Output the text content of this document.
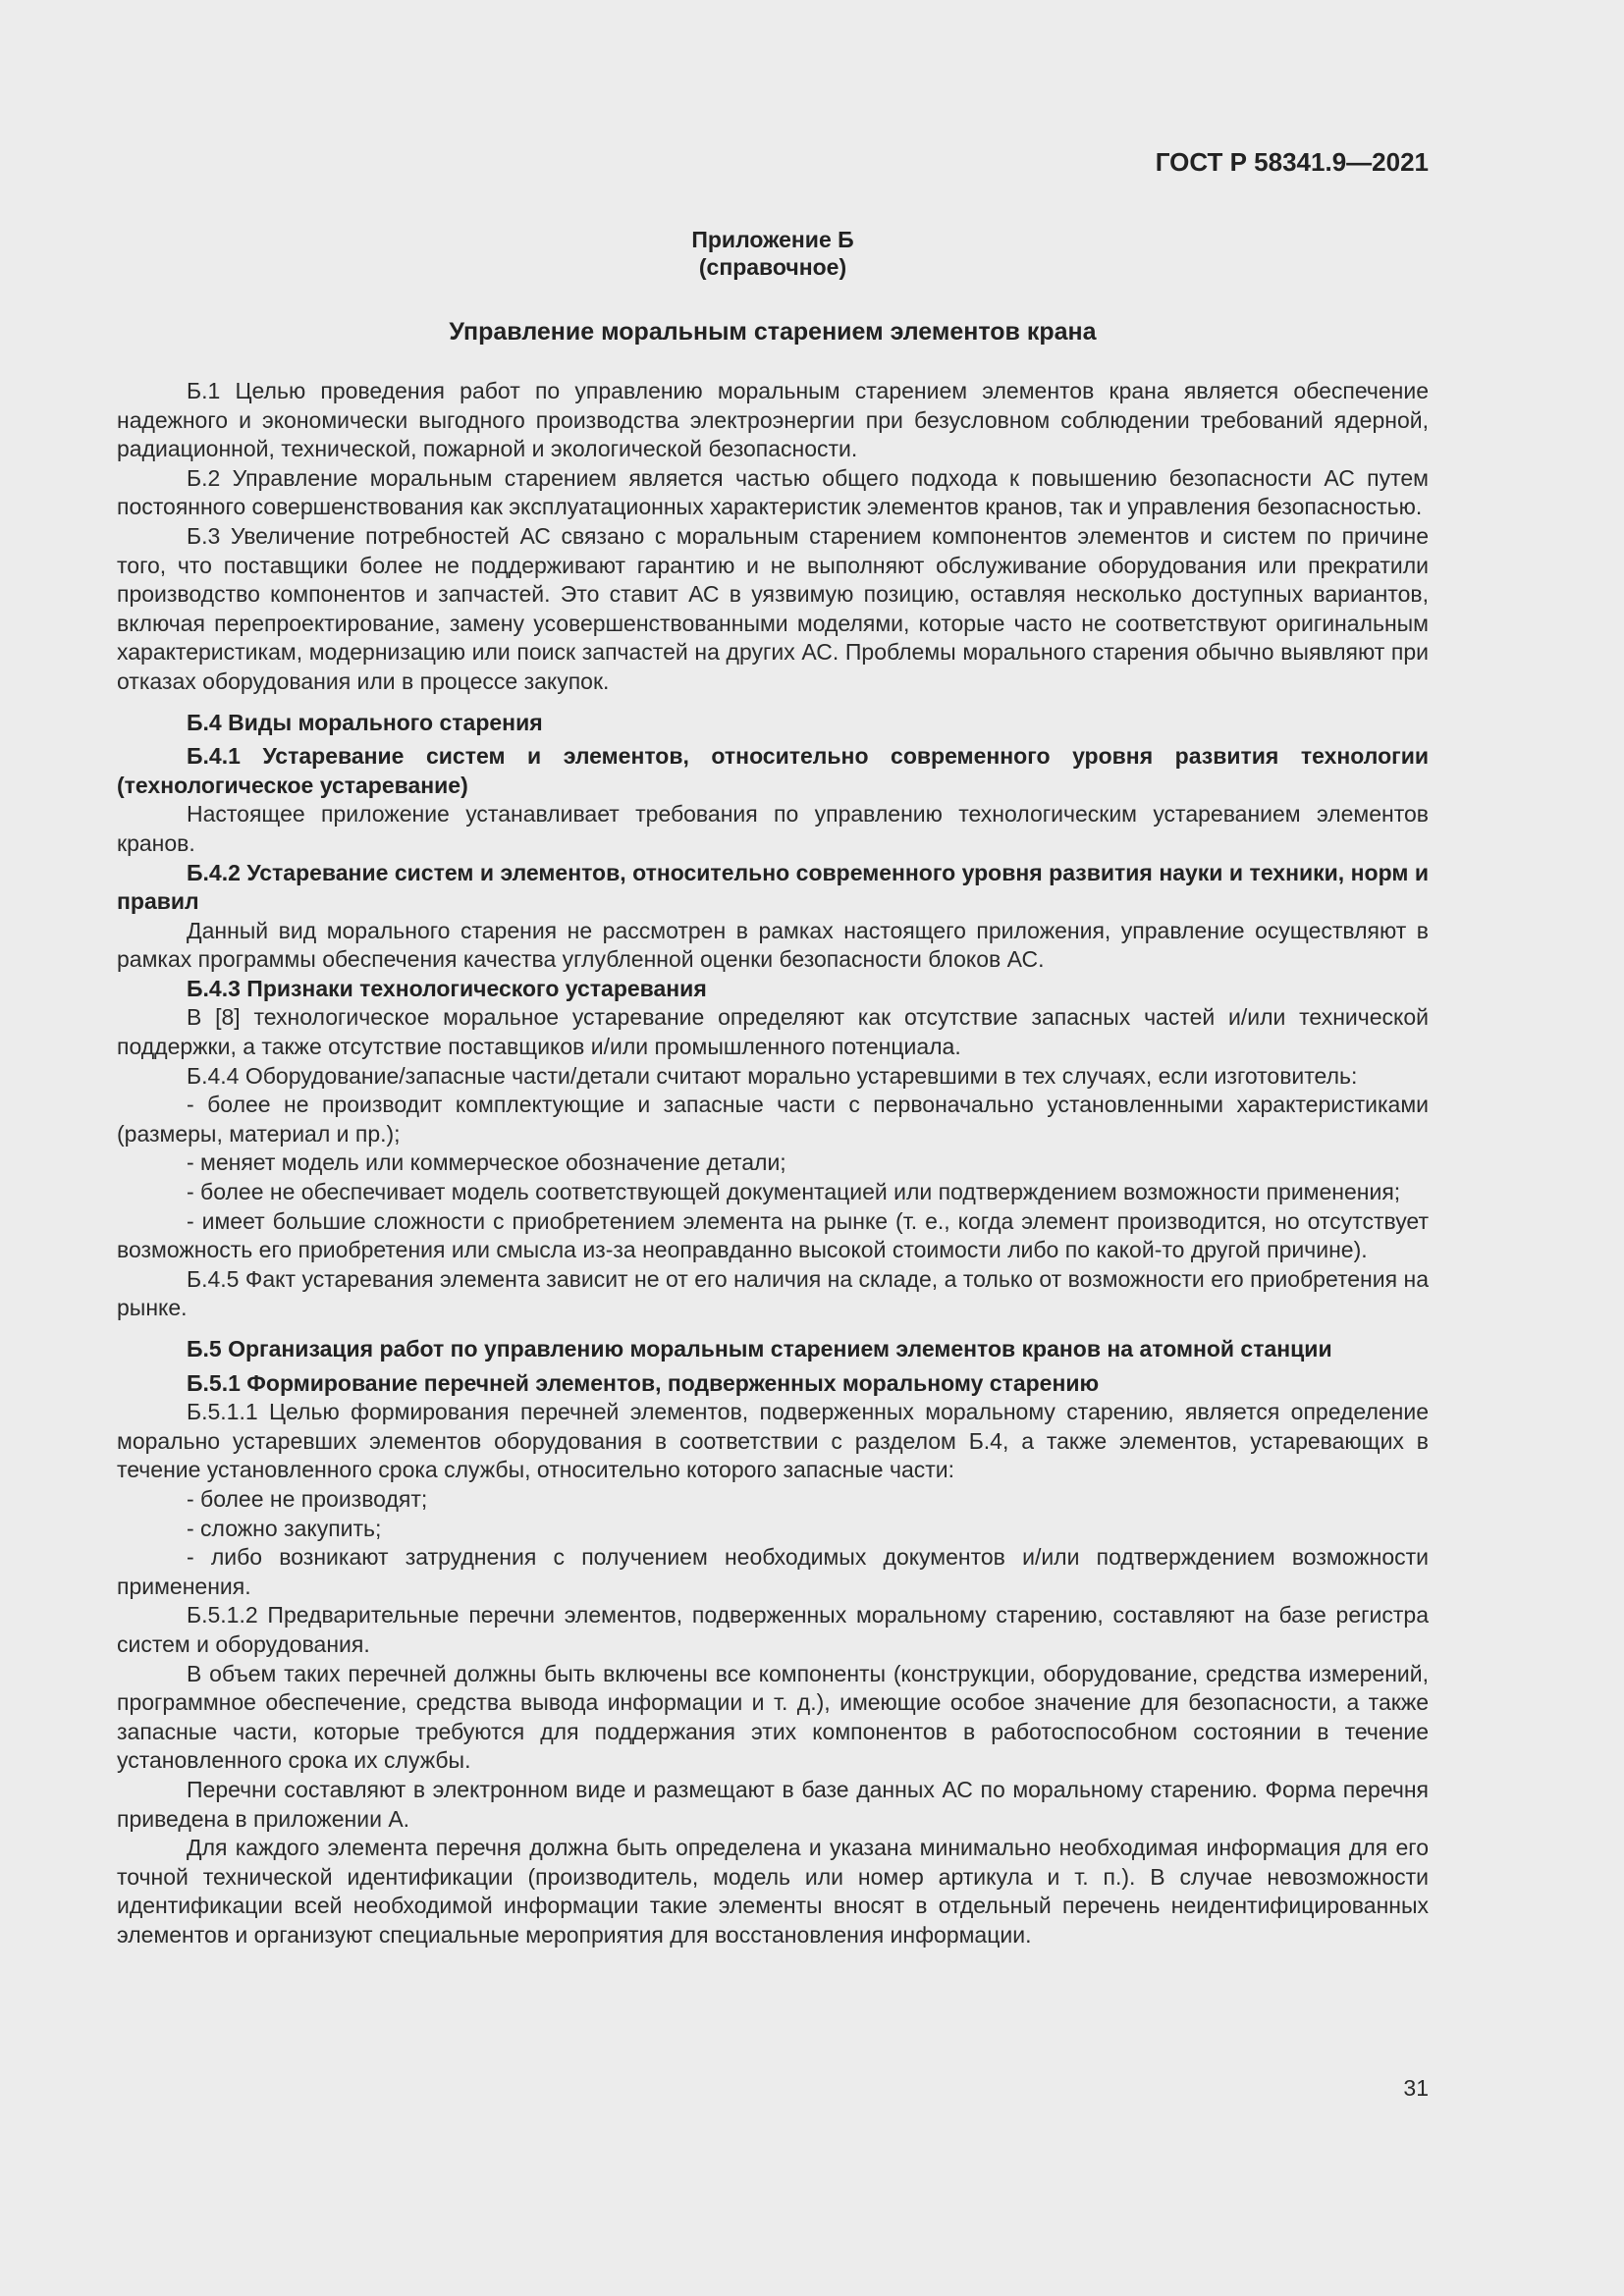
ГОСТ Р 58341.9—2021
Приложение Б
(справочное)
Управление моральным старением элементов крана

Б.1 Целью проведения работ по управлению моральным старением элементов крана является обеспечение надежного и экономически выгодного производства электроэнергии при безусловном соблюдении требований ядерной, радиационной, технической, пожарной и экологической безопасности.

Б.2 Управление моральным старением является частью общего подхода к повышению безопасности АС путем постоянного совершенствования как эксплуатационных характеристик элементов кранов, так и управления безопасностью.

Б.3 Увеличение потребностей АС связано с моральным старением компонентов элементов и систем по причине того, что поставщики более не поддерживают гарантию и не выполняют обслуживание оборудования или прекратили производство компонентов и запчастей. Это ставит АС в уязвимую позицию, оставляя несколько доступных вариантов, включая перепроектирование, замену усовершенствованными моделями, которые часто не соответствуют оригинальным характеристикам, модернизацию или поиск запчастей на других АС. Проблемы морального старения обычно выявляют при отказах оборудования или в процессе закупок.

Б.4 Виды морального старения

Б.4.1 Устаревание систем и элементов, относительно современного уровня развития технологии (технологическое устаревание)

Настоящее приложение устанавливает требования по управлению технологическим устареванием элементов кранов.

Б.4.2 Устаревание систем и элементов, относительно современного уровня развития науки и техники, норм и правил

Данный вид морального старения не рассмотрен в рамках настоящего приложения, управление осуществляют в рамках программы обеспечения качества углубленной оценки безопасности блоков АС.

Б.4.3 Признаки технологического устаревания

В [8] технологическое моральное устаревание определяют как отсутствие запасных частей и/или технической поддержки, а также отсутствие поставщиков и/или промышленного потенциала.

Б.4.4 Оборудование/запасные части/детали считают морально устаревшими в тех случаях, если изготовитель:

- более не производит комплектующие и запасные части с первоначально установленными характеристиками (размеры, материал и пр.);

- меняет модель или коммерческое обозначение детали;

- более не обеспечивает модель соответствующей документацией или подтверждением возможности применения;

- имеет большие сложности с приобретением элемента на рынке (т. е., когда элемент производится, но отсутствует возможность его приобретения или смысла из-за неоправданно высокой стоимости либо по какой-то другой причине).

Б.4.5 Факт устаревания элемента зависит не от его наличия на складе, а только от возможности его приобретения на рынке.

Б.5 Организация работ по управлению моральным старением элементов кранов на атомной станции

Б.5.1 Формирование перечней элементов, подверженных моральному старению

Б.5.1.1 Целью формирования перечней элементов, подверженных моральному старению, является определение морально устаревших элементов оборудования в соответствии с разделом Б.4, а также элементов, устаревающих в течение установленного срока службы, относительно которого запасные части:

- более не производят;

- сложно закупить;

- либо возникают затруднения с получением необходимых документов и/или подтверждением возможности применения.

Б.5.1.2 Предварительные перечни элементов, подверженных моральному старению, составляют на базе регистра систем и оборудования.

В объем таких перечней должны быть включены все компоненты (конструкции, оборудование, средства измерений, программное обеспечение, средства вывода информации и т. д.), имеющие особое значение для безопасности, а также запасные части, которые требуются для поддержания этих компонентов в работоспособном состоянии в течение установленного срока их службы.

Перечни составляют в электронном виде и размещают в базе данных АС по моральному старению. Форма перечня приведена в приложении А.

Для каждого элемента перечня должна быть определена и указана минимально необходимая информация для его точной технической идентификации (производитель, модель или номер артикула и т. п.). В случае невозможности идентификации всей необходимой информации такие элементы вносят в отдельный перечень неидентифицированных элементов и организуют специальные мероприятия для восстановления информации.

31
